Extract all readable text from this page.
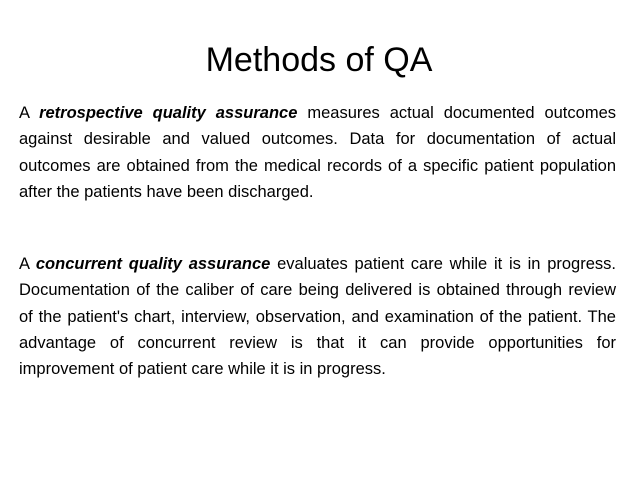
Methods of QA

A retrospective quality assurance measures actual documented outcomes against desirable and valued outcomes. Data for documentation of actual outcomes are obtained from the medical records of a specific patient population after the patients have been discharged.

A concurrent quality assurance evaluates patient care while it is in progress. Documentation of the caliber of care being delivered is obtained through review of the patient's chart, interview, observation, and examination of the patient. The advantage of concurrent review is that it can provide opportunities for improvement of patient care while it is in progress.
